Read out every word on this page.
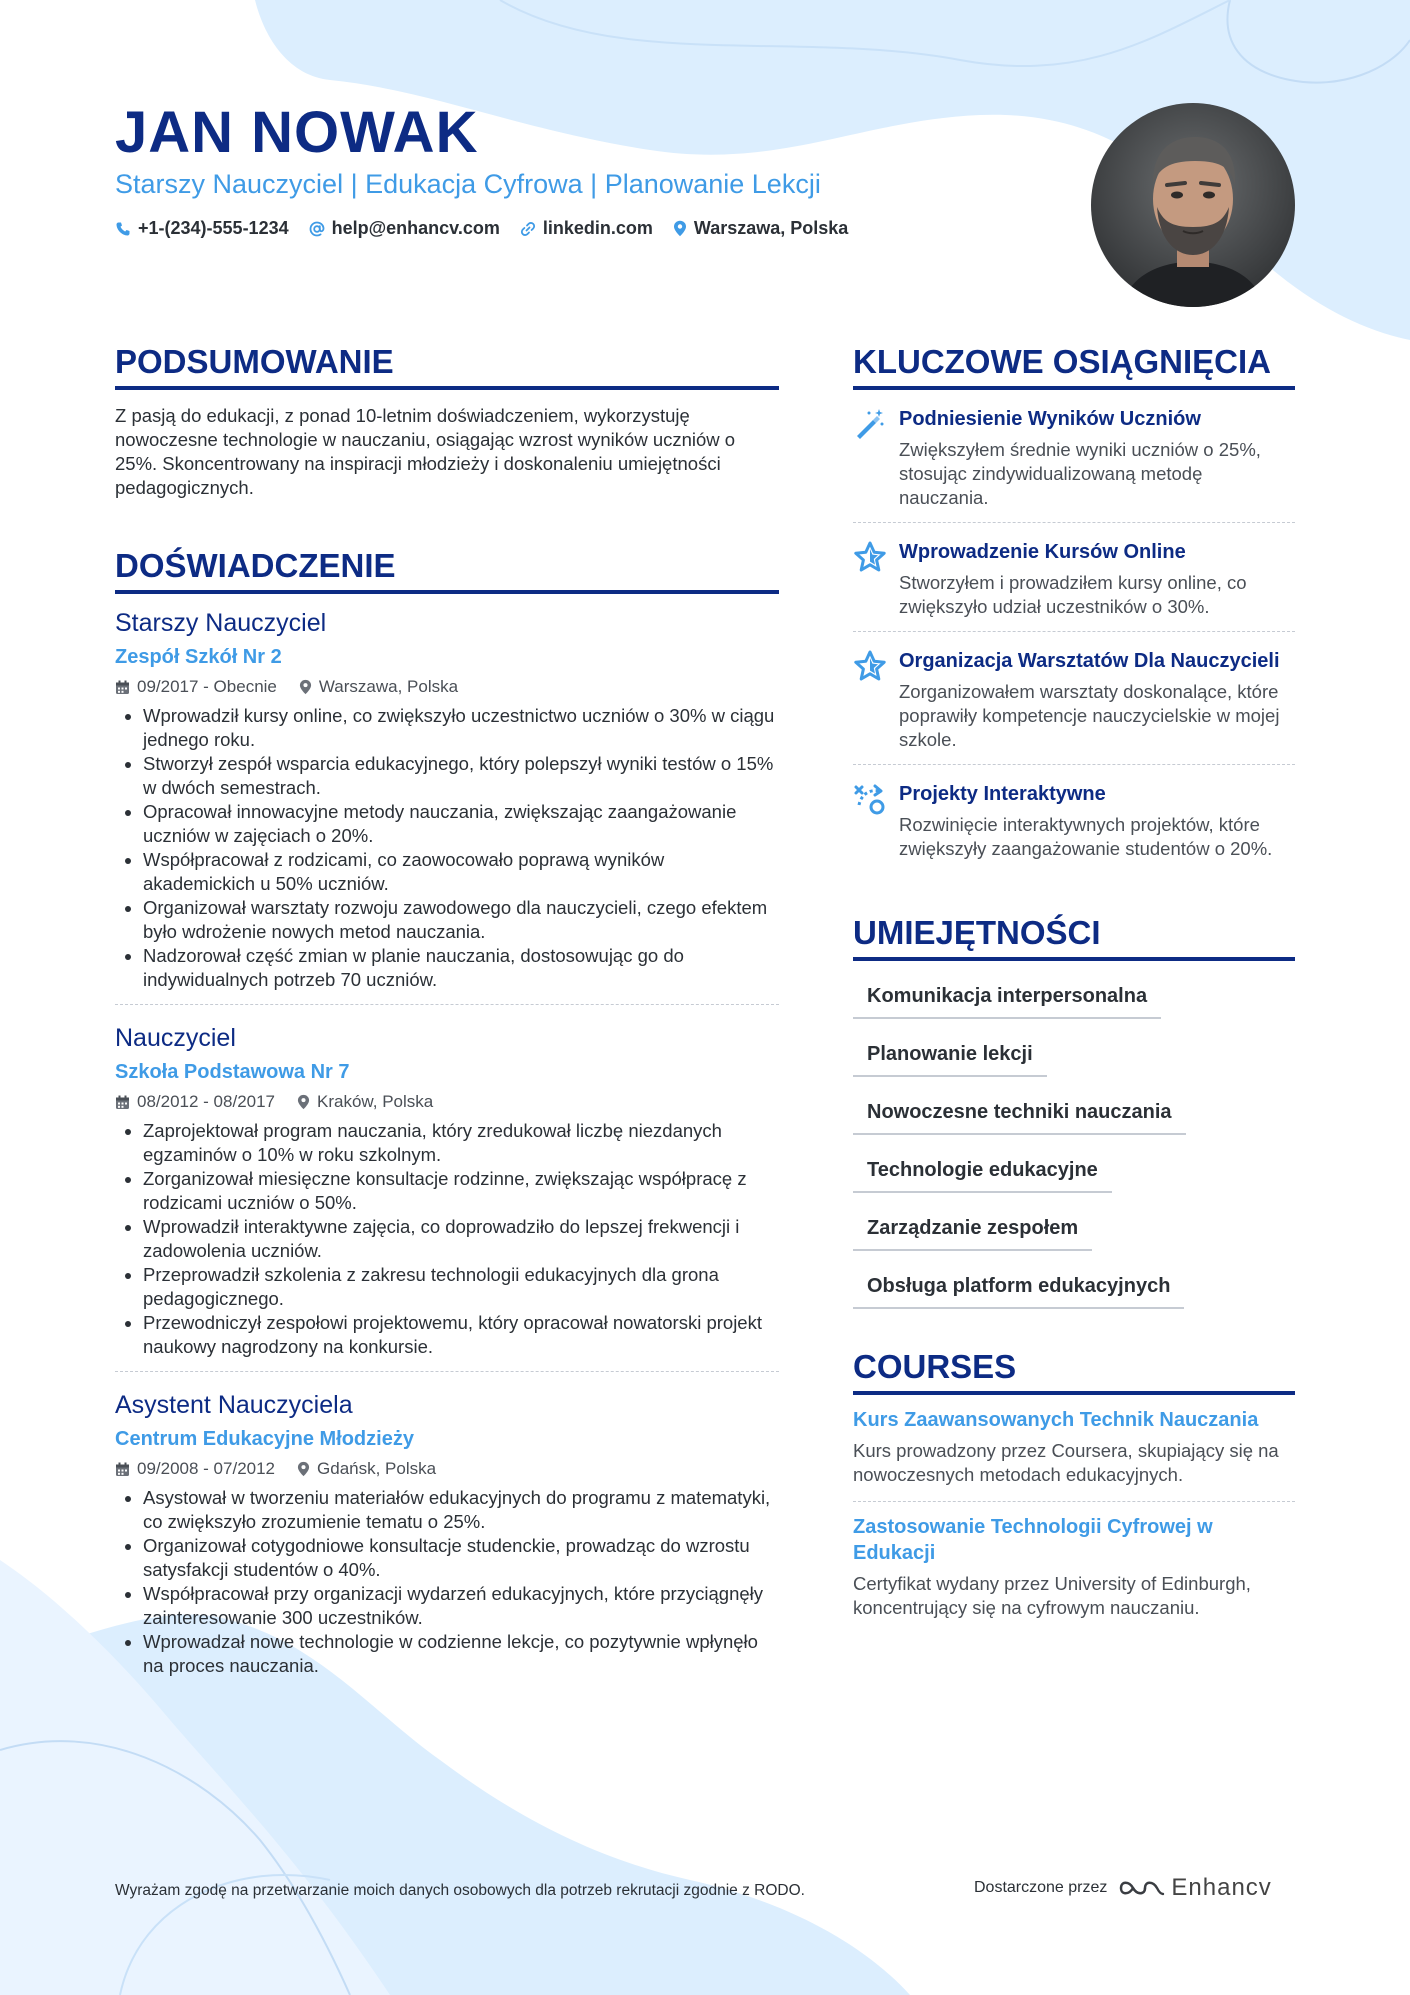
JAN NOWAK
Starszy Nauczyciel | Edukacja Cyfrowa | Planowanie Lekcji
+1-(234)-555-1234 help@enhancv.com linkedin.com Warszawa, Polska
PODSUMOWANIE

Z pasją do edukacji, z ponad 10-letnim doświadczeniem, wykorzystuję nowoczesne technologie w nauczaniu, osiągając wzrost wyników uczniów o 25%. Skoncentrowany na inspiracji młodzieży i doskonaleniu umiejętności pedagogicznych.

DOŚWIADCZENIE
Starszy Nauczyciel
Zespół Szkół Nr 2
09/2017 - Obecnie Warszawa, Polska
• Wprowadził kursy online, co zwiększyło uczestnictwo uczniów o 30% w ciągu jednego roku.
• Stworzył zespół wsparcia edukacyjnego, który polepszył wyniki testów o 15% w dwóch semestrach.
• Opracował innowacyjne metody nauczania, zwiększając zaangażowanie uczniów w zajęciach o 20%.
• Współpracował z rodzicami, co zaowocowało poprawą wyników akademickich u 50% uczniów.
• Organizował warsztaty rozwoju zawodowego dla nauczycieli, czego efektem było wdrożenie nowych metod nauczania.
• Nadzorował część zmian w planie nauczania, dostosowując go do indywidualnych potrzeb 70 uczniów.
Nauczyciel
Szkoła Podstawowa Nr 7
08/2012 - 08/2017 Kraków, Polska
• Zaprojektował program nauczania, który zredukował liczbę niezdanych egzaminów o 10% w roku szkolnym.
• Zorganizował miesięczne konsultacje rodzinne, zwiększając współpracę z rodzicami uczniów o 50%.
• Wprowadził interaktywne zajęcia, co doprowadziło do lepszej frekwencji i zadowolenia uczniów.
• Przeprowadził szkolenia z zakresu technologii edukacyjnych dla grona pedagogicznego.
• Przewodniczył zespołowi projektowemu, który opracował nowatorski projekt naukowy nagrodzony na konkursie.
Asystent Nauczyciela
Centrum Edukacyjne Młodzieży
09/2008 - 07/2012 Gdańsk, Polska
• Asystował w tworzeniu materiałów edukacyjnych do programu z matematyki, co zwiększyło zrozumienie tematu o 25%.
• Organizował cotygodniowe konsultacje studenckie, prowadząc do wzrostu satysfakcji studentów o 40%.
• Współpracował przy organizacji wydarzeń edukacyjnych, które przyciągnęły zainteresowanie 300 uczestników.
• Wprowadzał nowe technologie w codzienne lekcje, co pozytywnie wpłynęło na proces nauczania.
KLUCZOWE OSIĄGNIĘCIA
Podniesienie Wyników Uczniów
Zwiększyłem średnie wyniki uczniów o 25%, stosując zindywidualizowaną metodę nauczania.
Wprowadzenie Kursów Online
Stworzyłem i prowadziłem kursy online, co zwiększyło udział uczestników o 30%.
Organizacja Warsztatów Dla Nauczycieli
Zorganizowałem warsztaty doskonalące, które poprawiły kompetencje nauczycielskie w mojej szkole.
Projekty Interaktywne
Rozwinięcie interaktywnych projektów, które zwiększyły zaangażowanie studentów o 20%.
UMIEJĘTNOŚCI
Komunikacja interpersonalna
Planowanie lekcji
Nowoczesne techniki nauczania
Technologie edukacyjne
Zarządzanie zespołem
Obsługa platform edukacyjnych
COURSES
Kurs Zaawansowanych Technik Nauczania
Kurs prowadzony przez Coursera, skupiający się na nowoczesnych metodach edukacyjnych.
Zastosowanie Technologii Cyfrowej w Edukacji
Certyfikat wydany przez University of Edinburgh, koncentrujący się na cyfrowym nauczaniu.
Wyrażam zgodę na przetwarzanie moich danych osobowych dla potrzeb rekrutacji zgodnie z RODO.	Dostarczone przez	Enhancv
